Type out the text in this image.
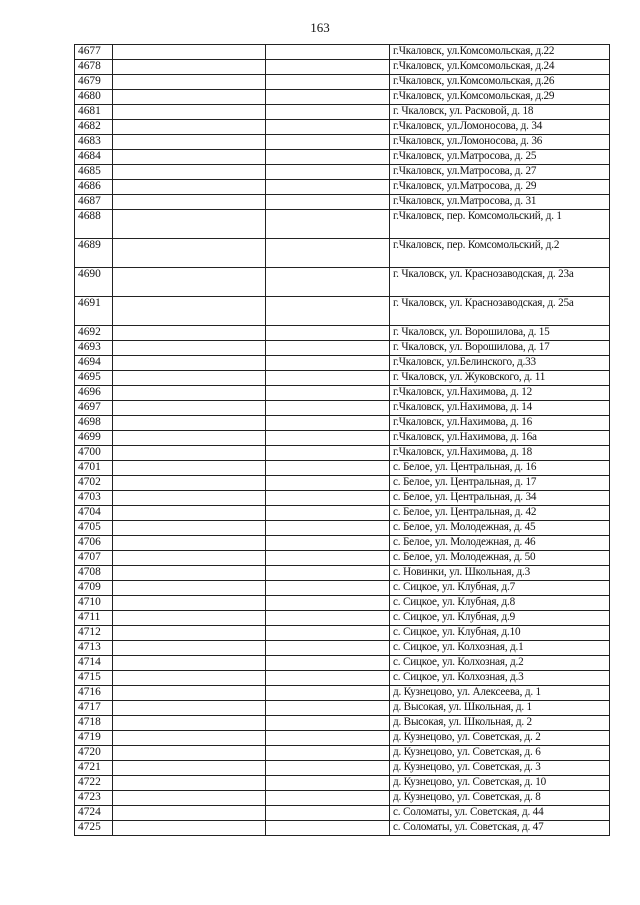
163
4677			г.Чкаловск, ул.Комсомольская, д.22
4678			г.Чкаловск, ул.Комсомольская, д.24
4679			г.Чкаловск, ул.Комсомольская, д.26
4680			г.Чкаловск, ул.Комсомольская, д.29
4681			г. Чкаловск, ул. Расковой, д. 18
4682			г.Чкаловск, ул.Ломоносова, д. 34
4683			г.Чкаловск, ул.Ломоносова, д. 36
4684			г.Чкаловск, ул.Матросова, д. 25
4685			г.Чкаловск, ул.Матросова, д. 27
4686			г.Чкаловск, ул.Матросова, д. 29
4687			г.Чкаловск, ул.Матросова, д. 31
4688			г.Чкаловск, пер. Комсомольский, д. 1
4689			г.Чкаловск, пер. Комсомольский, д.2
4690			г. Чкаловск, ул. Краснозаводская, д. 23а
4691			г. Чкаловск, ул. Краснозаводская, д. 25а
4692			г. Чкаловск, ул. Ворошилова, д. 15
4693			г. Чкаловск, ул. Ворошилова, д. 17
4694			г.Чкаловск, ул.Белинского, д.33
4695			г. Чкаловск, ул. Жуковского, д. 11
4696			г.Чкаловск, ул.Нахимова, д. 12
4697			г.Чкаловск, ул.Нахимова, д. 14
4698			г.Чкаловск, ул.Нахимова, д. 16
4699			г.Чкаловск, ул.Нахимова, д. 16а
4700			г.Чкаловск, ул.Нахимова, д. 18
4701			с. Белое, ул. Центральная, д. 16
4702			с. Белое, ул. Центральная, д. 17
4703			с. Белое, ул. Центральная, д. 34
4704			с. Белое, ул. Центральная, д. 42
4705			с. Белое, ул. Молодежная, д. 45
4706			с. Белое, ул. Молодежная, д. 46
4707			с. Белое, ул. Молодежная, д. 50
4708			с. Новинки, ул. Школьная, д.3
4709			с. Сицкое, ул. Клубная, д.7
4710			с. Сицкое, ул. Клубная, д.8
4711			с. Сицкое, ул. Клубная, д.9
4712			с. Сицкое, ул. Клубная, д.10
4713			с. Сицкое, ул. Колхозная, д.1
4714			с. Сицкое, ул. Колхозная, д.2
4715			с. Сицкое, ул. Колхозная, д.3
4716			д. Кузнецово, ул. Алексеева, д. 1
4717			д. Высокая, ул. Школьная, д. 1
4718			д. Высокая, ул. Школьная, д. 2
4719			д. Кузнецово, ул. Советская, д. 2
4720			д. Кузнецово, ул. Советская, д. 6
4721			д. Кузнецово, ул. Советская, д. 3
4722			д. Кузнецово, ул. Советская, д. 10
4723			д. Кузнецово, ул. Советская, д. 8
4724			с. Соломаты, ул. Советская, д. 44
4725			с. Соломаты, ул. Советская, д. 47
